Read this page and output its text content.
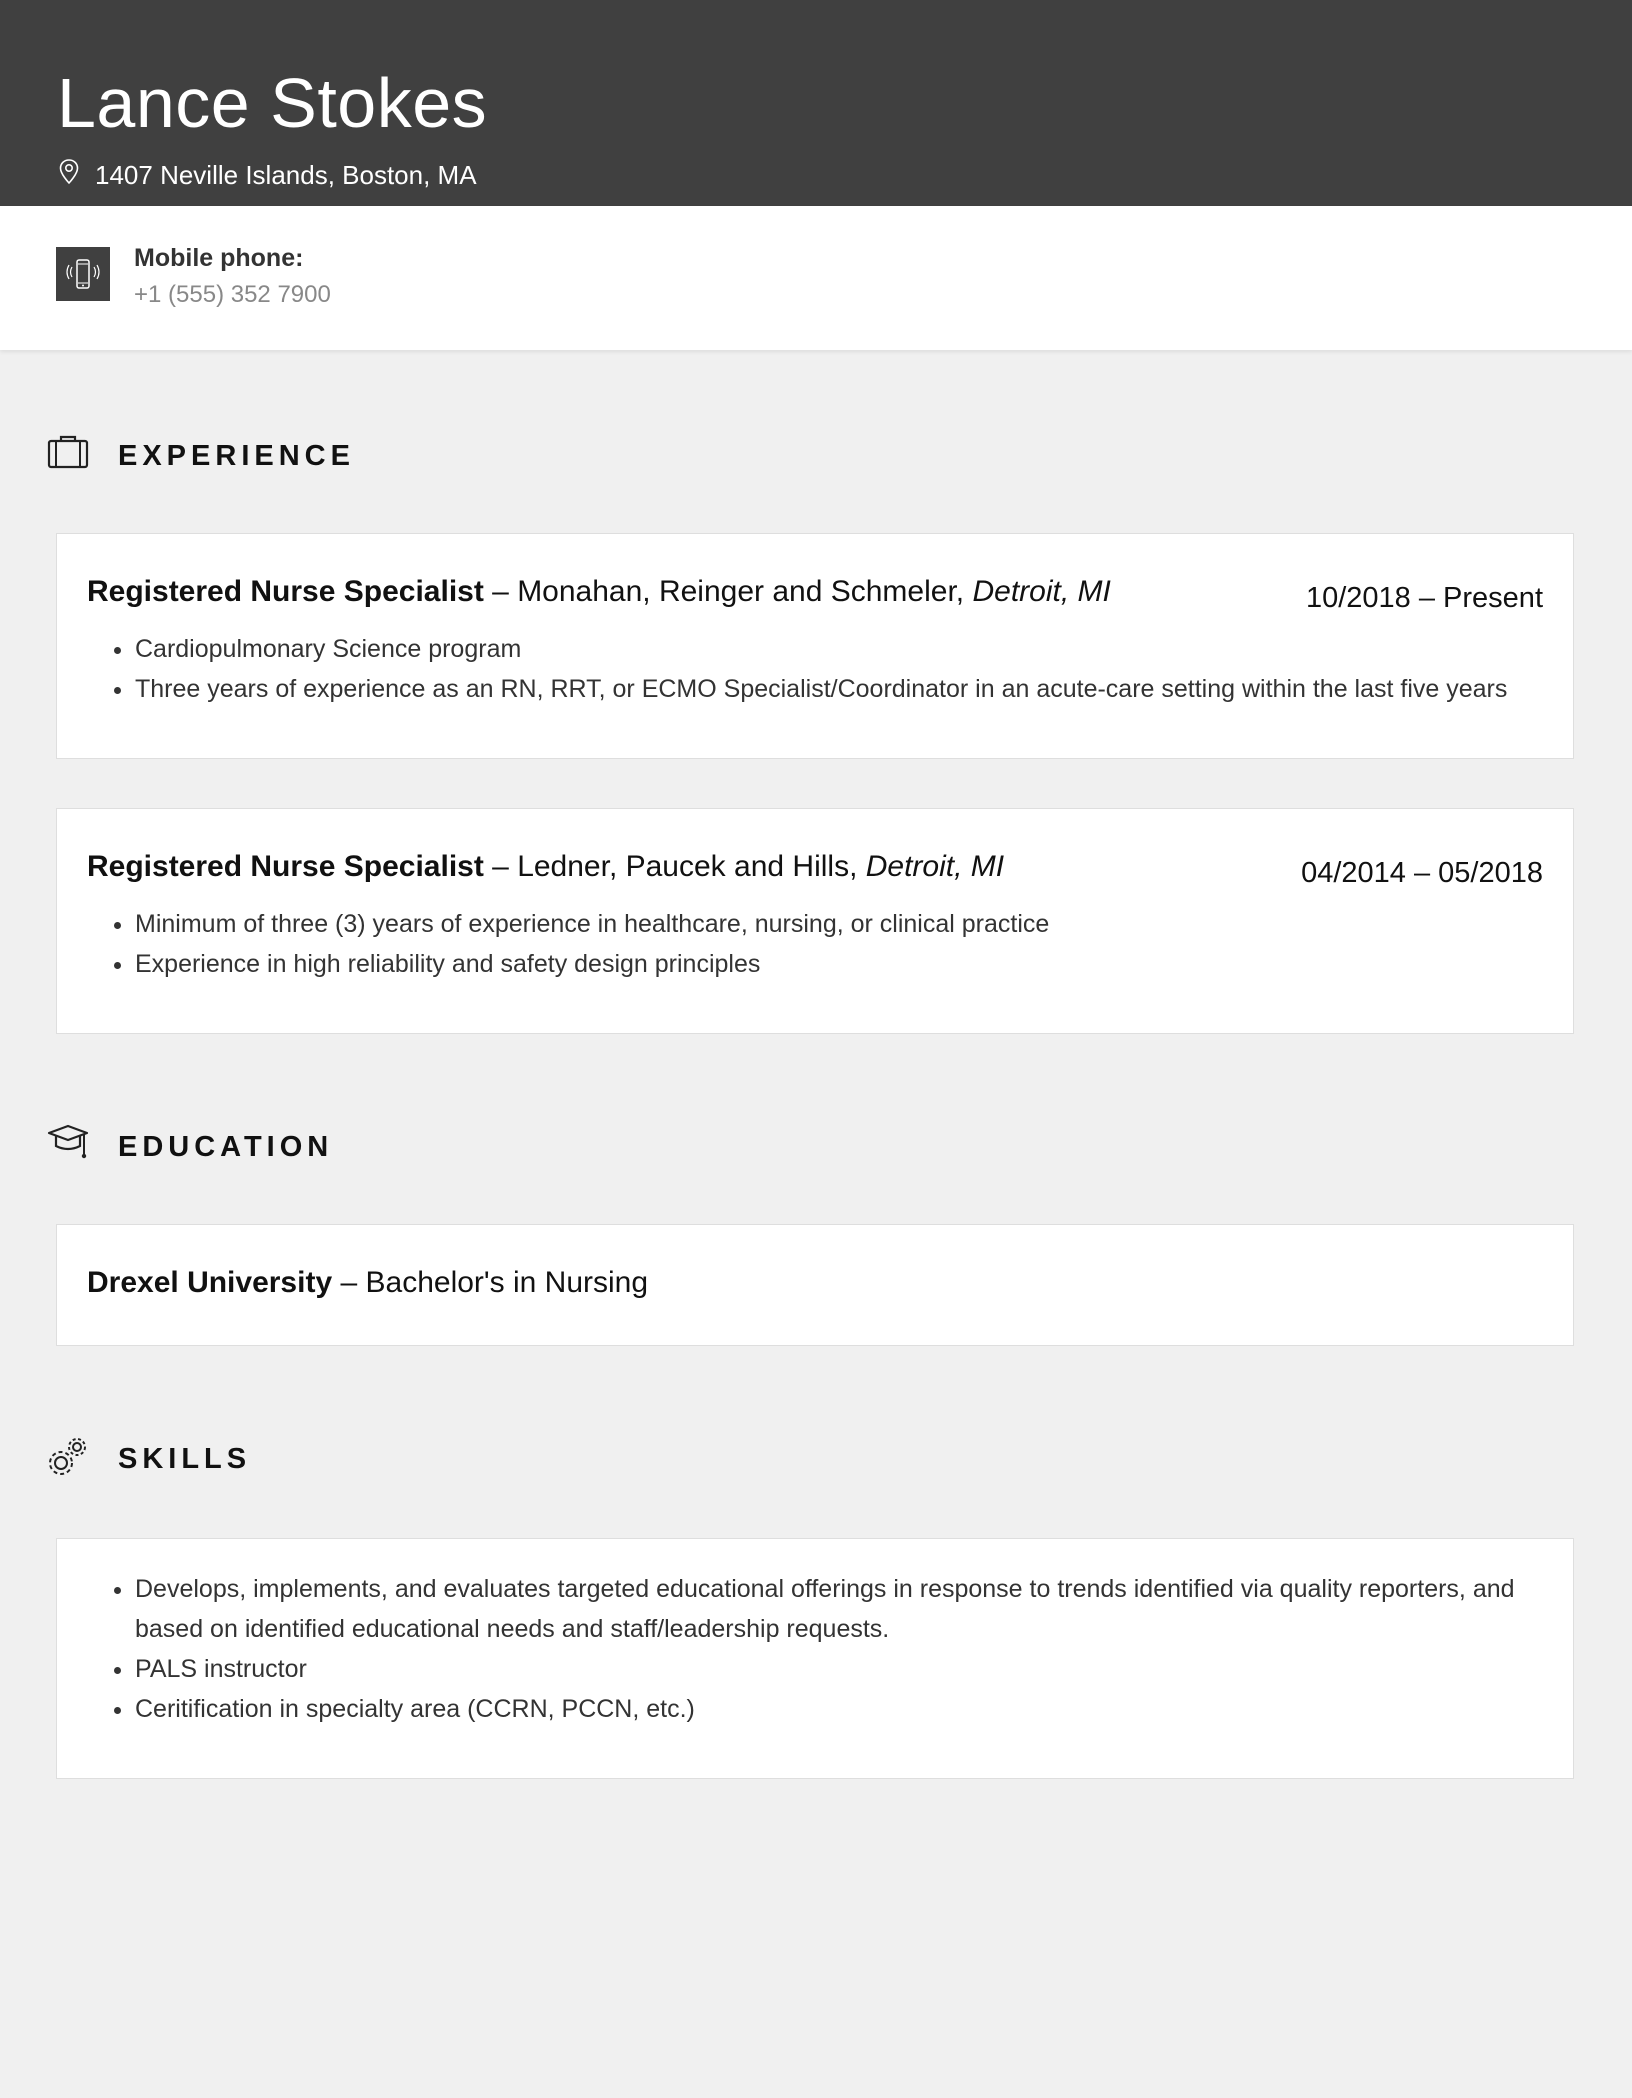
Lance Stokes
1407 Neville Islands, Boston, MA
Mobile phone:
+1 (555) 352 7900
EXPERIENCE
Registered Nurse Specialist – Monahan, Reinger and Schmeler, Detroit, MI	10/2018 – Present
• Cardiopulmonary Science program
• Three years of experience as an RN, RRT, or ECMO Specialist/Coordinator in an acute-care setting within the last five years
Registered Nurse Specialist – Ledner, Paucek and Hills, Detroit, MI	04/2014 – 05/2018
• Minimum of three (3) years of experience in healthcare, nursing, or clinical practice
• Experience in high reliability and safety design principles
EDUCATION
Drexel University – Bachelor's in Nursing
SKILLS
• Develops, implements, and evaluates targeted educational offerings in response to trends identified via quality reporters, and based on identified educational needs and staff/leadership requests.
• PALS instructor
• Ceritification in specialty area (CCRN, PCCN, etc.)
